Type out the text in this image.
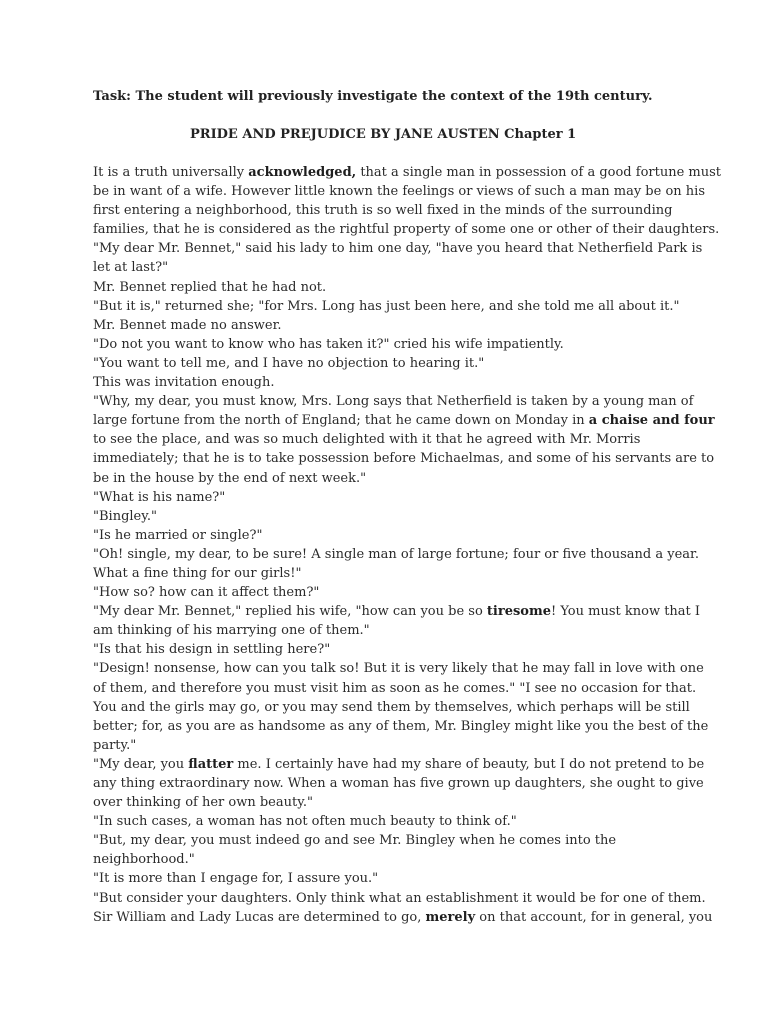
Task: The student will previously investigate the context of the 19th century.

PRIDE AND PREJUDICE BY JANE AUSTEN Chapter 1

It is a truth universally acknowledged, that a single man in possession of a good fortune must
be in want of a wife. However little known the feelings or views of such a man may be on his
first entering a neighborhood, this truth is so well fixed in the minds of the surrounding
families, that he is considered as the rightful property of some one or other of their daughters.
"My dear Mr. Bennet," said his lady to him one day, "have you heard that Netherfield Park is
let at last?"
Mr. Bennet replied that he had not.
"But it is," returned she; "for Mrs. Long has just been here, and she told me all about it."
Mr. Bennet made no answer.
"Do not you want to know who has taken it?" cried his wife impatiently.
"You want to tell me, and I have no objection to hearing it."
This was invitation enough.
"Why, my dear, you must know, Mrs. Long says that Netherfield is taken by a young man of
large fortune from the north of England; that he came down on Monday in a chaise and four
to see the place, and was so much delighted with it that he agreed with Mr. Morris
immediately; that he is to take possession before Michaelmas, and some of his servants are to
be in the house by the end of next week."
"What is his name?"
"Bingley."
"Is he married or single?"
"Oh! single, my dear, to be sure! A single man of large fortune; four or five thousand a year.
What a fine thing for our girls!"
"How so? how can it affect them?"
"My dear Mr. Bennet," replied his wife, "how can you be so tiresome! You must know that I
am thinking of his marrying one of them."
"Is that his design in settling here?"
"Design! nonsense, how can you talk so! But it is very likely that he may fall in love with one
of them, and therefore you must visit him as soon as he comes." "I see no occasion for that.
You and the girls may go, or you may send them by themselves, which perhaps will be still
better; for, as you are as handsome as any of them, Mr. Bingley might like you the best of the
party."
"My dear, you flatter me. I certainly have had my share of beauty, but I do not pretend to be
any thing extraordinary now. When a woman has five grown up daughters, she ought to give
over thinking of her own beauty."
"In such cases, a woman has not often much beauty to think of."
"But, my dear, you must indeed go and see Mr. Bingley when he comes into the
neighborhood."
"It is more than I engage for, I assure you."
"But consider your daughters. Only think what an establishment it would be for one of them.
Sir William and Lady Lucas are determined to go, merely on that account, for in general, you
